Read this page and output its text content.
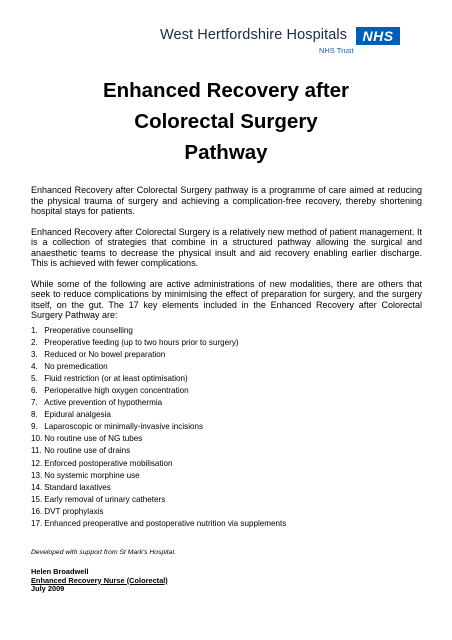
West Hertfordshire Hospitals	NHS
NHS Trust
Enhanced Recovery after
Colorectal Surgery
Pathway

Enhanced Recovery after Colorectal Surgery pathway is a programme of care aimed at reducing the physical trauma of surgery and achieving a complication-free recovery, thereby shortening hospital stays for patients.

Enhanced Recovery after Colorectal Surgery is a relatively new method of patient management. It is a collection of strategies that combine in a structured pathway allowing the surgical and anaesthetic teams to decrease the physical insult and aid recovery enabling earlier discharge. This is achieved with fewer complications.

While some of the following are active administrations of new modalities, there are others that seek to reduce complications by minimising the effect of preparation for surgery, and the surgery itself, on the gut. The 17 key elements included in the Enhanced Recovery after Colorectal Surgery Pathway are:

1.
Preoperative counselling
2.
Preoperative feeding (up to two hours prior to surgery)
3.
Reduced or No bowel preparation
4.
No premedication
5.
Fluid restriction (or at least optimisation)
6.
Perioperative high oxygen concentration
7.
Active prevention of hypothermia
8.
Epidural analgesia
9.
Laparoscopic or minimally-invasive incisions
10.
No routine use of NG tubes
11.
No routine use of drains
12.
Enforced postoperative mobilisation
13.
No systemic morphine use
14.
Standard laxatives
15.
Early removal of urinary catheters
16.
DVT prophylaxis
17.
Enhanced preoperative and postoperative nutrition via supplements
Developed with support from St Mark's Hospital.
Helen Broadwell
Enhanced Recovery Nurse (Colorectal)
July 2009
